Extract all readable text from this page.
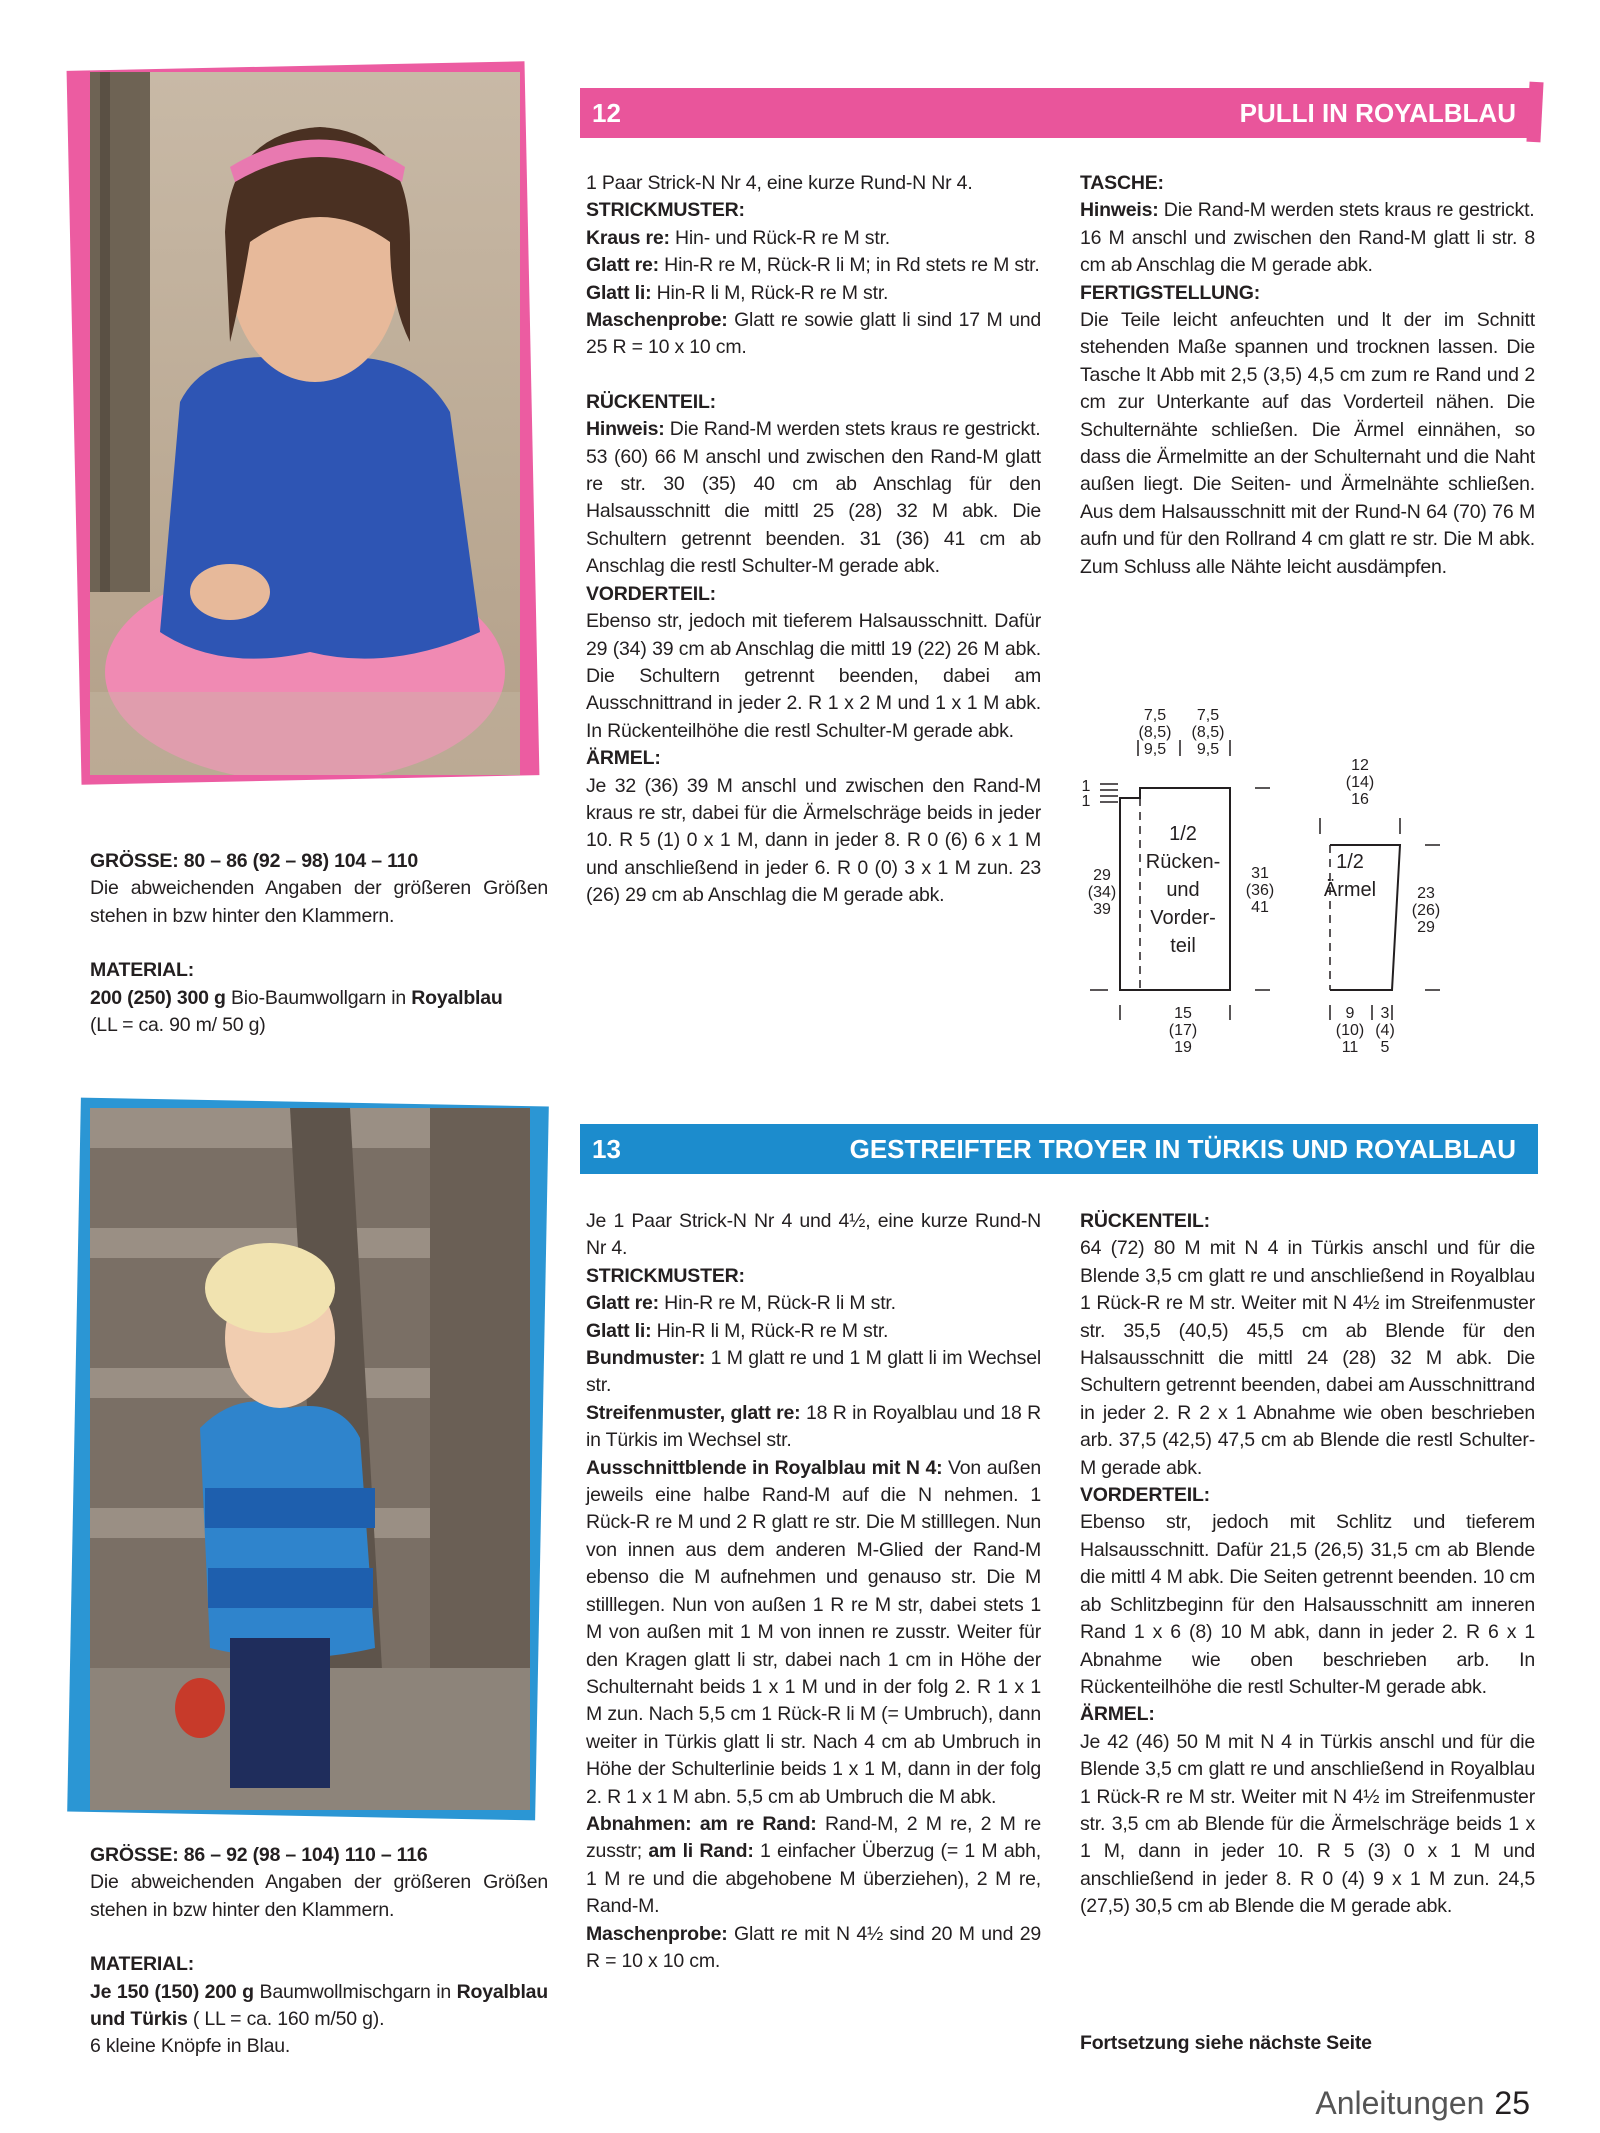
12	PULLI IN ROYALBLAU

GRÖSSE: 80 – 86 (92 – 98) 104 – 110

Die abweichenden Angaben der größeren Größen stehen in bzw hinter den Klammern.

MATERIAL:

200 (250) 300 g Bio-Baumwollgarn in Royalblau

(LL = ca. 90 m/ 50 g)

1 Paar Strick-N Nr 4, eine kurze Rund-N Nr 4.

STRICKMUSTER:

Kraus re: Hin- und Rück-R re M str.

Glatt re: Hin-R re M, Rück-R li M; in Rd stets re M str.

Glatt li: Hin-R li M, Rück-R re M str.

Maschenprobe: Glatt re sowie glatt li sind 17 M und 25 R = 10 x 10 cm.

RÜCKENTEIL:

Hinweis: Die Rand-M werden stets kraus re gestrickt.

53 (60) 66 M anschl und zwischen den Rand-M glatt re str. 30 (35) 40 cm ab Anschlag für den Halsausschnitt die mittl 25 (28) 32 M abk. Die Schultern getrennt beenden. 31 (36) 41 cm ab Anschlag die restl Schulter-M gerade abk.

VORDERTEIL:

Ebenso str, jedoch mit tieferem Halsausschnitt. Dafür 29 (34) 39 cm ab Anschlag die mittl 19 (22) 26 M abk. Die Schultern getrennt beenden, dabei am Ausschnittrand in jeder 2. R 1 x 2 M und 1 x 1 M abk. In Rückenteilhöhe die restl Schulter-M gerade abk.

ÄRMEL:

Je 32 (36) 39 M anschl und zwischen den Rand-M kraus re str, dabei für die Ärmelschräge beids in jeder 10. R 5 (1) 0 x 1 M, dann in jeder 8. R 0 (6) 6 x 1 M und anschließend in jeder 6. R 0 (0) 3 x 1 M zun. 23 (26) 29 cm ab Anschlag die M gerade abk.

TASCHE:

Hinweis: Die Rand-M werden stets kraus re gestrickt.

16 M anschl und zwischen den Rand-M glatt li str. 8 cm ab Anschlag die M gerade abk.

FERTIGSTELLUNG:

Die Teile leicht anfeuchten und lt der im Schnitt stehenden Maße spannen und trocknen lassen. Die Tasche lt Abb mit 2,5 (3,5) 4,5 cm zum re Rand und 2 cm zur Unterkante auf das Vorderteil nähen. Die Schulternähte schließen. Die Ärmel einnähen, so dass die Ärmelmitte an der Schulternaht und die Naht außen liegt. Die Seiten- und Ärmelnähte schließen. Aus dem Halsausschnitt mit der Rund-N 64 (70) 76 M aufn und für den Rollrand 4 cm glatt re str. Die M abk. Zum Schluss alle Nähte leicht ausdämpfen.

7,5
(8,5)
9,5
7,5
(8,5)
9,5
1
1
29
(34)
39
1/2
Rücken-
und
Vorder-
teil
31
(36)
41
15
(17)
19
12
(14)
16
1/2
Ärmel	23
(26)
29
9
(10)
11
3
(4)
5
13	GESTREIFTER TROYER IN TÜRKIS UND ROYALBLAU

GRÖSSE: 86 – 92 (98 – 104) 110 – 116

Die abweichenden Angaben der größeren Größen stehen in bzw hinter den Klammern.

MATERIAL:

Je 150 (150) 200 g Baumwollmischgarn in Royalblau und Türkis ( LL = ca. 160 m/50 g).

6 kleine Knöpfe in Blau.

Je 1 Paar Strick-N Nr 4 und 4½, eine kurze Rund-N Nr 4.

STRICKMUSTER:

Glatt re: Hin-R re M, Rück-R li M str.

Glatt li: Hin-R li M, Rück-R re M str.

Bundmuster: 1 M glatt re und 1 M glatt li im Wechsel str.

Streifenmuster, glatt re: 18 R in Royalblau und 18 R in Türkis im Wechsel str.

Ausschnittblende in Royalblau mit N 4: Von außen jeweils eine halbe Rand-M auf die N nehmen. 1 Rück-R re M und 2 R glatt re str. Die M stilllegen. Nun von innen aus dem anderen M-Glied der Rand-M ebenso die M aufnehmen und genauso str. Die M stilllegen. Nun von außen 1 R re M str, dabei stets 1 M von außen mit 1 M von innen re zusstr. Weiter für den Kragen glatt li str, dabei nach 1 cm in Höhe der Schulternaht beids 1 x 1 M und in der folg 2. R 1 x 1 M zun. Nach 5,5 cm 1 Rück-R li M (= Umbruch), dann weiter in Türkis glatt li str. Nach 4 cm ab Umbruch in Höhe der Schulterlinie beids 1 x 1 M, dann in der folg 2. R 1 x 1 M abn. 5,5 cm ab Umbruch die M abk.

Abnahmen: am re Rand: Rand-M, 2 M re, 2 M re zusstr; am li Rand: 1 einfacher Überzug (= 1 M abh, 1 M re und die abgehobene M überziehen), 2 M re, Rand-M.

Maschenprobe: Glatt re mit N 4½ sind 20 M und 29 R = 10 x 10 cm.

RÜCKENTEIL:

64 (72) 80 M mit N 4 in Türkis anschl und für die Blende 3,5 cm glatt re und anschließend in Royalblau 1 Rück-R re M str. Weiter mit N 4½ im Streifenmuster str. 35,5 (40,5) 45,5 cm ab Blende für den Halsausschnitt die mittl 24 (28) 32 M abk. Die Schultern getrennt beenden, dabei am Ausschnittrand in jeder 2. R 2 x 1 Abnahme wie oben beschrieben arb. 37,5 (42,5) 47,5 cm ab Blende die restl Schulter-M gerade abk.

VORDERTEIL:

Ebenso str, jedoch mit Schlitz und tieferem Halsausschnitt. Dafür 21,5 (26,5) 31,5 cm ab Blende die mittl 4 M abk. Die Seiten getrennt beenden. 10 cm ab Schlitzbeginn für den Halsausschnitt am inneren Rand 1 x 6 (8) 10 M abk, dann in jeder 2. R 6 x 1 Abnahme wie oben beschrieben arb. In Rückenteilhöhe die restl Schulter-M gerade abk.

ÄRMEL:

Je 42 (46) 50 M mit N 4 in Türkis anschl und für die Blende 3,5 cm glatt re und anschließend in Royalblau 1 Rück-R re M str. Weiter mit N 4½ im Streifenmuster str. 3,5 cm ab Blende für die Ärmelschräge beids 1 x 1 M, dann in jeder 10. R 5 (3) 0 x 1 M und anschließend in jeder 8. R 0 (4) 9 x 1 M zun. 24,5 (27,5) 30,5 cm ab Blende die M gerade abk.

Fortsetzung siehe nächste Seite
Anleitungen 25
